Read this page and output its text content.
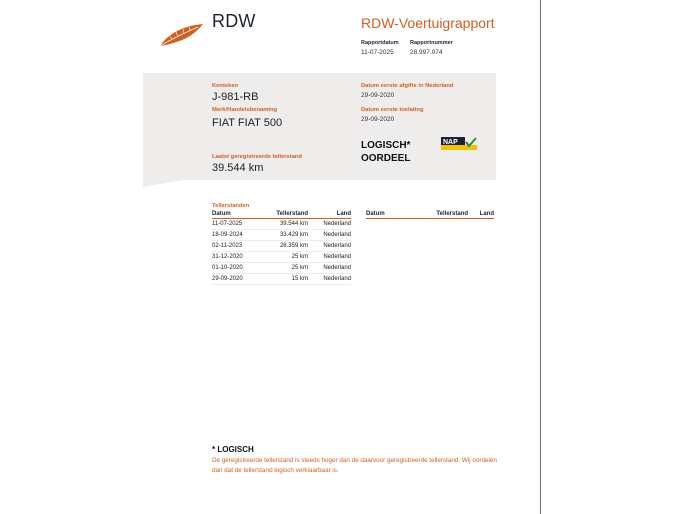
RDW	RDW-Voertuigrapport
Rapportdatum
11-07-2025
Rapportnummer
28.997.074
Kenteken
J-981-RB
Merk/Handelsbenaming
FIAT FIAT 500
Laatst geregistreerde tellerstand
39.544 km
Datum eerste afgifte in Nederland
29-09-2020
Datum eerste toelating
29-09-2020
LOGISCH*
OORDEEL
NAP
Tellerstanden
Datum	Tellerstand	Land
11-07-2025	39.544 km	Nederland
18-09-2024	33.429 km	Nederland
02-11-2023	26.359 km	Nederland
31-12-2020	25 km	Nederland
01-10-2020	25 km	Nederland
29-09-2020	15 km	Nederland
Datum	Tellerstand	Land
* LOGISCH
De geregistreerde tellerstand is steeds hoger dan de daarvoor geregistreerde tellerstand. Wij oordelen dan dat de tellerstand logisch verklaarbaar is.
